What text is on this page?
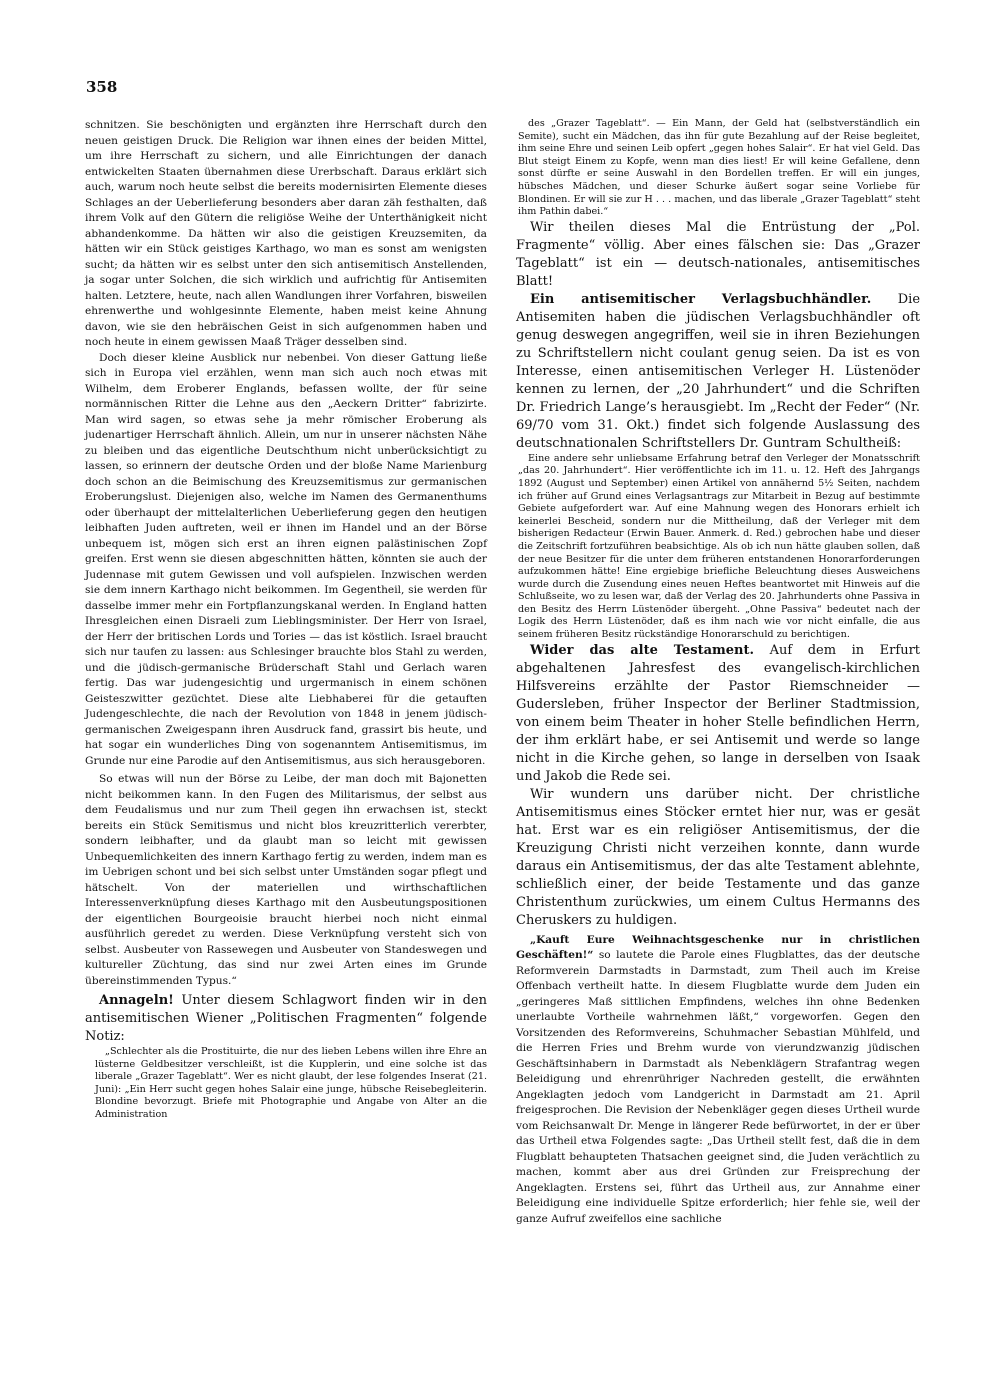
358

schnitzen. Sie beschönigten und ergänzten ihre Herrschaft durch den neuen geistigen Druck. Die Religion war ihnen eines der beiden Mittel, um ihre Herrschaft zu sichern, und alle Einrichtungen der danach entwickelten Staaten übernahmen diese Urerbschaft. Daraus erklärt sich auch, warum noch heute selbst die bereits modernisirten Elemente dieses Schlages an der Ueberlieferung besonders aber daran zäh festhalten, daß ihrem Volk auf den Gütern die religiöse Weihe der Unterthänigkeit nicht abhandenkomme. Da hätten wir also die geistigen Kreuzsemiten, da hätten wir ein Stück geistiges Karthago, wo man es sonst am wenigsten sucht; da hätten wir es selbst unter den sich antisemitisch Anstellenden, ja sogar unter Solchen, die sich wirklich und aufrichtig für Antisemiten halten. Letztere, heute, nach allen Wandlungen ihrer Vorfahren, bisweilen ehrenwerthe und wohlgesinnte Elemente, haben meist keine Ahnung davon, wie sie den hebräischen Geist in sich aufgenommen haben und noch heute in einem gewissen Maaß Träger desselben sind.

Doch dieser kleine Ausblick nur nebenbei. Von dieser Gattung ließe sich in Europa viel erzählen, wenn man sich auch noch etwas mit Wilhelm, dem Eroberer Englands, befassen wollte, der für seine normännischen Ritter die Lehne aus den „Aeckern Dritter“ fabrizirte. Man wird sagen, so etwas sehe ja mehr römischer Eroberung als judenartiger Herrschaft ähnlich. Allein, um nur in unserer nächsten Nähe zu bleiben und das eigentliche Deutschthum nicht unberücksichtigt zu lassen, so erinnern der deutsche Orden und der bloße Name Marienburg doch schon an die Beimischung des Kreuzsemitismus zur germanischen Eroberungslust. Diejenigen also, welche im Namen des Germanenthums oder überhaupt der mittelalterlichen Ueberlieferung gegen den heutigen leibhaften Juden auftreten, weil er ihnen im Handel und an der Börse unbequem ist, mögen sich erst an ihren eignen palästinischen Zopf greifen. Erst wenn sie diesen abgeschnitten hätten, könnten sie auch der Judennase mit gutem Gewissen und voll aufspielen. Inzwischen werden sie dem innern Karthago nicht beikommen. Im Gegentheil, sie werden für dasselbe immer mehr ein Fortpflanzungskanal werden. In England hatten Ihresgleichen einen Disraeli zum Lieblingsminister. Der Herr von Israel, der Herr der britischen Lords und Tories — das ist köstlich. Israel braucht sich nur taufen zu lassen: aus Schlesinger brauchte blos Stahl zu werden, und die jüdisch-germanische Brüderschaft Stahl und Gerlach waren fertig. Das war judengesichtig und urgermanisch in einem schönen Geisteszwitter gezüchtet. Diese alte Liebhaberei für die getauften Judengeschlechte, die nach der Revolution von 1848 in jenem jüdisch-germanischen Zweigespann ihren Ausdruck fand, grassirt bis heute, und hat sogar ein wunderliches Ding von sogenanntem Antisemitismus, im Grunde nur eine Parodie auf den Antisemitismus, aus sich herausgeboren.

So etwas will nun der Börse zu Leibe, der man doch mit Bajonetten nicht beikommen kann. In den Fugen des Militarismus, der selbst aus dem Feudalismus und nur zum Theil gegen ihn erwachsen ist, steckt bereits ein Stück Semitismus und nicht blos kreuzritterlich vererbter, sondern leibhafter, und da glaubt man so leicht mit gewissen Unbequemlichkeiten des innern Karthago fertig zu werden, indem man es im Uebrigen schont und bei sich selbst unter Umständen sogar pflegt und hätschelt. Von der materiellen und wirthschaftlichen Interessenverknüpfung dieses Karthago mit den Ausbeutungspositionen der eigentlichen Bourgeoisie braucht hierbei noch nicht einmal ausführlich geredet zu werden. Diese Verknüpfung versteht sich von selbst. Ausbeuter von Rassewegen und Ausbeuter von Standeswegen und kultureller Züchtung, das sind nur zwei Arten eines im Grunde übereinstimmenden Typus.“

Annageln! Unter diesem Schlagwort finden wir in den antisemitischen Wiener „Politischen Fragmenten“ folgende Notiz:

„Schlechter als die Prostituirte, die nur des lieben Lebens willen ihre Ehre an lüsterne Geldbesitzer verschleißt, ist die Kupplerin, und eine solche ist das liberale „Grazer Tageblatt“. Wer es nicht glaubt, der lese folgendes Inserat (21. Juni): „Ein Herr sucht gegen hohes Salair eine junge, hübsche Reisebegleiterin. Blondine bevorzugt. Briefe mit Photographie und Angabe von Alter an die Administration

des „Grazer Tageblatt“. — Ein Mann, der Geld hat (selbstverständlich ein Semite), sucht ein Mädchen, das ihn für gute Bezahlung auf der Reise begleitet, ihm seine Ehre und seinen Leib opfert „gegen hohes Salair“. Er hat viel Geld. Das Blut steigt Einem zu Kopfe, wenn man dies liest! Er will keine Gefallene, denn sonst dürfte er seine Auswahl in den Bordellen treffen. Er will ein junges, hübsches Mädchen, und dieser Schurke äußert sogar seine Vorliebe für Blondinen. Er will sie zur H . . . machen, und das liberale „Grazer Tageblatt“ steht ihm Pathin dabei.“

Wir theilen dieses Mal die Entrüstung der „Pol. Fragmente“ völlig. Aber eines fälschen sie: Das „Grazer Tageblatt“ ist ein — deutsch-nationales, antisemitisches Blatt!

Ein antisemitischer Verlagsbuchhändler. Die Antisemiten haben die jüdischen Verlagsbuchhändler oft genug deswegen angegriffen, weil sie in ihren Beziehungen zu Schriftstellern nicht coulant genug seien. Da ist es von Interesse, einen antisemitischen Verleger H. Lüstenöder kennen zu lernen, der „20 Jahrhundert“ und die Schriften Dr. Friedrich Lange’s herausgiebt. Im „Recht der Feder“ (Nr. 69/70 vom 31. Okt.) findet sich folgende Auslassung des deutschnationalen Schriftstellers Dr. Guntram Schultheiß:

Eine andere sehr unliebsame Erfahrung betraf den Verleger der Monatsschrift „das 20. Jahrhundert“. Hier veröffentlichte ich im 11. u. 12. Heft des Jahrgangs 1892 (August und September) einen Artikel von annähernd 5½ Seiten, nachdem ich früher auf Grund eines Verlagsantrags zur Mitarbeit in Bezug auf bestimmte Gebiete aufgefordert war. Auf eine Mahnung wegen des Honorars erhielt ich keinerlei Bescheid, sondern nur die Mittheilung, daß der Verleger mit dem bisherigen Redacteur (Erwin Bauer. Anmerk. d. Red.) gebrochen habe und dieser die Zeitschrift fortzuführen beabsichtige. Als ob ich nun hätte glauben sollen, daß der neue Besitzer für die unter dem früheren entstandenen Honorarforderungen aufzukommen hätte! Eine ergiebige briefliche Beleuchtung dieses Ausweichens wurde durch die Zusendung eines neuen Heftes beantwortet mit Hinweis auf die Schlußseite, wo zu lesen war, daß der Verlag des 20. Jahrhunderts ohne Passiva in den Besitz des Herrn Lüstenöder übergeht. „Ohne Passiva“ bedeutet nach der Logik des Herrn Lüstenöder, daß es ihm nach wie vor nicht einfalle, die aus seinem früheren Besitz rückständige Honorarschuld zu berichtigen.

Wider das alte Testament. Auf dem in Erfurt abgehaltenen Jahresfest des evangelisch-kirchlichen Hilfsvereins erzählte der Pastor Riemschneider — Gudersleben, früher Inspector der Berliner Stadtmission, von einem beim Theater in hoher Stelle befindlichen Herrn, der ihm erklärt habe, er sei Antisemit und werde so lange nicht in die Kirche gehen, so lange in derselben von Isaak und Jakob die Rede sei.

Wir wundern uns darüber nicht. Der christliche Antisemitismus eines Stöcker erntet hier nur, was er gesät hat. Erst war es ein religiöser Antisemitismus, der die Kreuzigung Christi nicht verzeihen konnte, dann wurde daraus ein Antisemitismus, der das alte Testament ablehnte, schließlich einer, der beide Testamente und das ganze Christenthum zurückwies, um einem Cultus Hermanns des Cheruskers zu huldigen.

„Kauft Eure Weihnachtsgeschenke nur in christlichen Geschäften!“ so lautete die Parole eines Flugblattes, das der deutsche Reformverein Darmstadts in Darmstadt, zum Theil auch im Kreise Offenbach vertheilt hatte. In diesem Flugblatte wurde dem Juden ein „geringeres Maß sittlichen Empfindens, welches ihn ohne Bedenken unerlaubte Vortheile wahrnehmen läßt,“ vorgeworfen. Gegen den Vorsitzenden des Reformvereins, Schuhmacher Sebastian Mühlfeld, und die Herren Fries und Brehm wurde von vierundzwanzig jüdischen Geschäftsinhabern in Darmstadt als Nebenklägern Strafantrag wegen Beleidigung und ehrenrühriger Nachreden gestellt, die erwähnten Angeklagten jedoch vom Landgericht in Darmstadt am 21. April freigesprochen. Die Revision der Nebenkläger gegen dieses Urtheil wurde vom Reichsanwalt Dr. Menge in längerer Rede befürwortet, in der er über das Urtheil etwa Folgendes sagte: „Das Urtheil stellt fest, daß die in dem Flugblatt behaupteten Thatsachen geeignet sind, die Juden verächtlich zu machen, kommt aber aus drei Gründen zur Freisprechung der Angeklagten. Erstens sei, führt das Urtheil aus, zur Annahme einer Beleidigung eine individuelle Spitze erforderlich; hier fehle sie, weil der ganze Aufruf zweifellos eine sachliche
